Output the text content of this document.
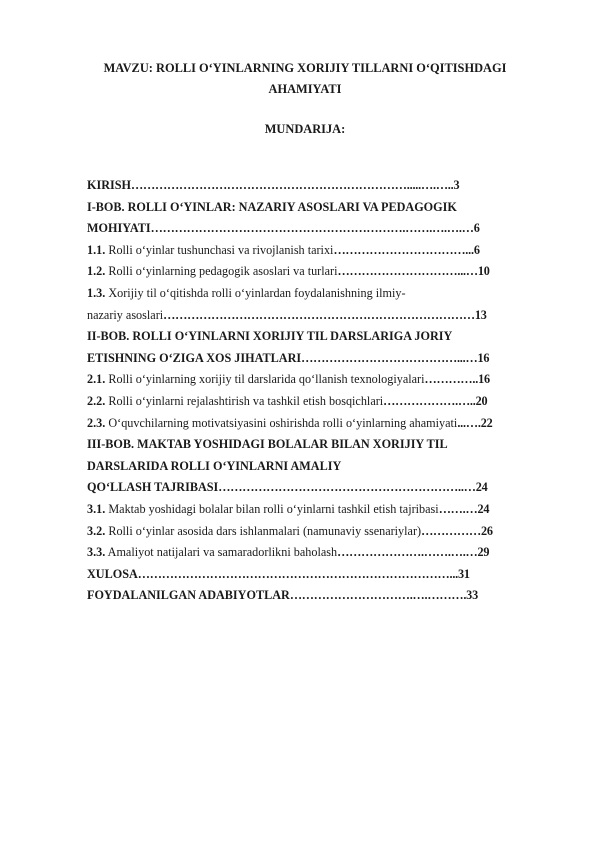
MAVZU: ROLLI O‘YINLARNING XORIJIY TILLARNI O‘QITISHDAGI
AHAMIYATI
MUNDARIJA:
KIRISH…………………………………………………………….....….…..3
I-BOB. ROLLI O‘YINLAR: NAZARIY ASOSLARI VA PEDAGOGIK
MOHIYATI……………………………………………………….…….….….…6
1.1. Rolli o‘yinlar tushunchasi va rivojlanish tarixi……………………………...6
1.2. Rolli o‘yinlarning pedagogik asoslari va turlari…………………………...…10
1.3. Xorijiy til o‘qitishda rolli o‘yinlardan foydalanishning ilmiy-
nazariy asoslari……………………………………………………………………13
II-BOB. ROLLI O‘YINLARNI XORIJIY TIL DARSLARIGA JORIY
ETISHNING O‘ZIGA XOS JIHATLARI…………………………………...…16
2.1. Rolli o‘yinlarning xorijiy til darslarida qo‘llanish texnologiyalari…………..16
2.2. Rolli o‘yinlarni rejalashtirish va tashkil etish bosqichlari……………….…..20
2.3. O‘quvchilarning motivatsiyasini oshirishda rolli o‘yinlarning ahamiyati...….22
III-BOB. MAKTAB YOSHIDAGI BOLALAR BILAN XORIJIY TIL
DARSLARIDA ROLLI O‘YINLARNI AMALIY
QO‘LLASH TAJRIBASI……………………………………………………..…24
3.1. Maktab yoshidagi bolalar bilan rolli o‘yinlarni tashkil etish tajribasi…….…24
3.2. Rolli o‘yinlar asosida dars ishlanmalari (namunaviy ssenariylar)……………26
3.3. Amaliyot natijalari va samaradorlikni baholash………………….…….….…29
XULOSA……………………………………………………………………...31
FOYDALANILGAN ADABIYOTLAR………………………….….……….33
